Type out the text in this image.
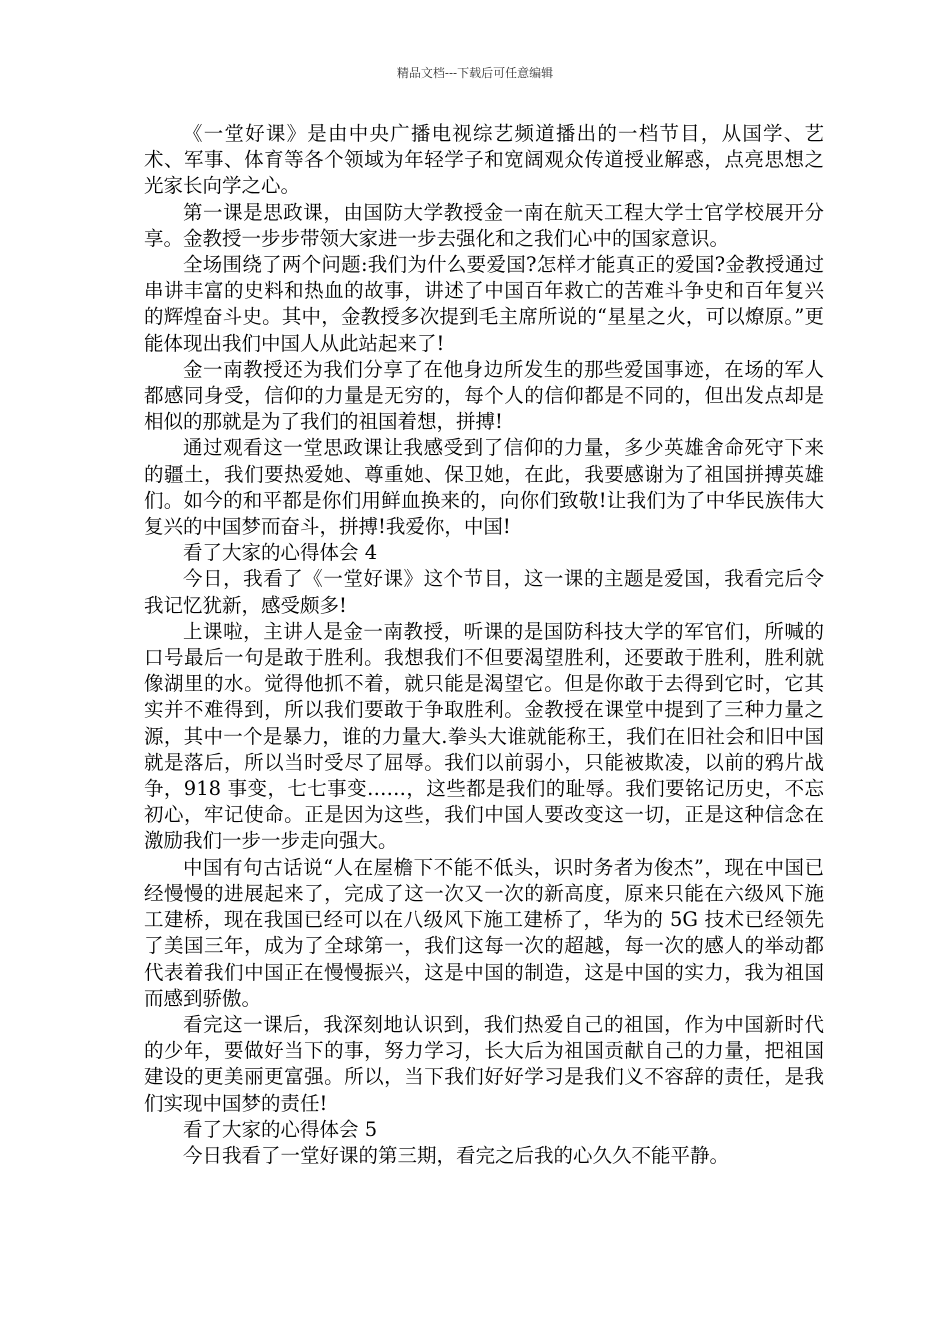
精品文档---下载后可任意编辑

《一堂好课》是由中央广播电视综艺频道播出的一档节目，从国学、艺术、军事、体育等各个领域为年轻学子和宽阔观众传道授业解惑，点亮思想之光家长向学之心。

第一课是思政课，由国防大学教授金一南在航天工程大学士官学校展开分享。金教授一步步带领大家进一步去强化和之我们心中的国家意识。

全场围绕了两个问题:我们为什么要爱国?怎样才能真正的爱国?金教授通过串讲丰富的史料和热血的故事，讲述了中国百年救亡的苦难斗争史和百年复兴的辉煌奋斗史。其中，金教授多次提到毛主席所说的“星星之火，可以燎原。”更能体现出我们中国人从此站起来了!

金一南教授还为我们分享了在他身边所发生的那些爱国事迹，在场的军人都感同身受，信仰的力量是无穷的，每个人的信仰都是不同的，但出发点却是相似的那就是为了我们的祖国着想，拼搏!

通过观看这一堂思政课让我感受到了信仰的力量，多少英雄舍命死守下来的疆土，我们要热爱她、尊重她、保卫她，在此，我要感谢为了祖国拼搏英雄们。如今的和平都是你们用鲜血换来的，向你们致敬!让我们为了中华民族伟大复兴的中国梦而奋斗，拼搏!我爱你，中国!

看了大家的心得体会 4

今日，我看了《一堂好课》这个节目，这一课的主题是爱国，我看完后令我记忆犹新，感受颇多!

上课啦，主讲人是金一南教授，听课的是国防科技大学的军官们，所喊的口号最后一句是敢于胜利。我想我们不但要渴望胜利，还要敢于胜利，胜利就像湖里的水。觉得他抓不着，就只能是渴望它。但是你敢于去得到它时，它其实并不难得到，所以我们要敢于争取胜利。金教授在课堂中提到了三种力量之源，其中一个是暴力，谁的力量大.拳头大谁就能称王，我们在旧社会和旧中国就是落后，所以当时受尽了屈辱。我们以前弱小，只能被欺凌，以前的鸦片战争，918 事变，七七事变……，这些都是我们的耻辱。我们要铭记历史，不忘初心，牢记使命。正是因为这些，我们中国人要改变这一切，正是这种信念在激励我们一步一步走向强大。

中国有句古话说“人在屋檐下不能不低头，识时务者为俊杰”，现在中国已经慢慢的进展起来了，完成了这一次又一次的新高度，原来只能在六级风下施工建桥，现在我国已经可以在八级风下施工建桥了，华为的 5G 技术已经领先了美国三年，成为了全球第一，我们这每一次的超越，每一次的感人的举动都代表着我们中国正在慢慢振兴，这是中国的制造，这是中国的实力，我为祖国而感到骄傲。

看完这一课后，我深刻地认识到，我们热爱自己的祖国，作为中国新时代的少年，要做好当下的事，努力学习，长大后为祖国贡献自己的力量，把祖国建设的更美丽更富强。所以，当下我们好好学习是我们义不容辞的责任，是我们实现中国梦的责任!

看了大家的心得体会 5

今日我看了一堂好课的第三期，看完之后我的心久久不能平静。
